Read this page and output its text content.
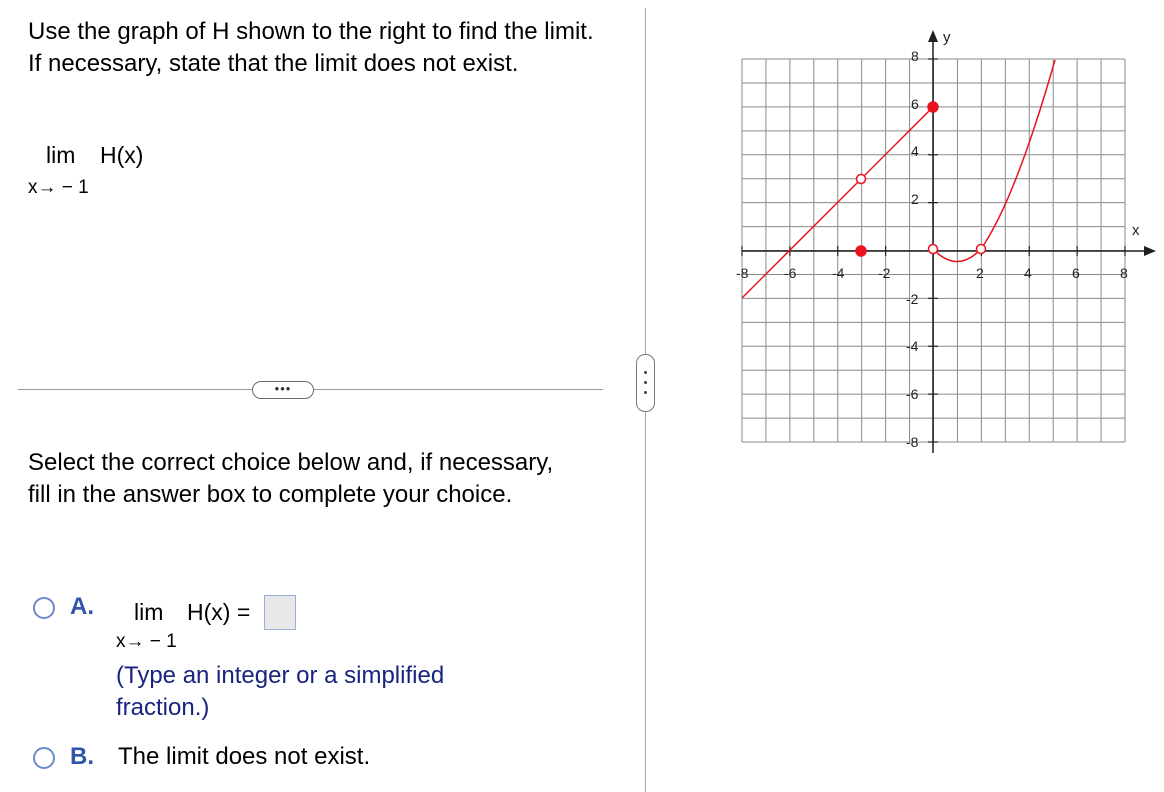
Use the graph of H shown to the right to find the limit. If necessary, state that the limit does not exist.

lim H(x)
x→ − 1
•••

Select the correct choice below and, if necessary, fill in the answer box to complete your choice.

A. lim H(x) =
x→ − 1
(Type an integer or a simplified fraction.)
B. The limit does not exist.
-8	-6	-4 -2	2	4	6	8
8
6
4
2
-2
-4
-6
-8
x
y
